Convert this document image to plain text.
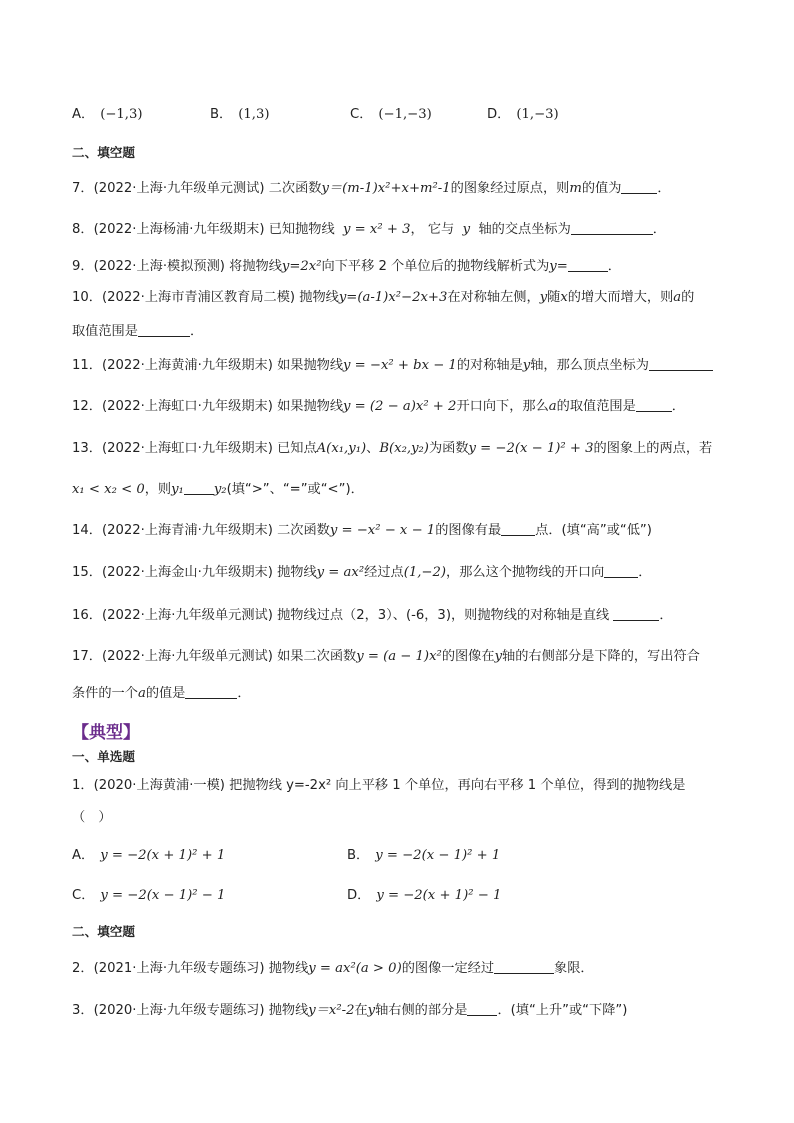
A． (−1,3)	B． (1,3)	C． (−1,−3)	D． (1,−3)
二、填空题
7．(2022·上海·九年级单元测试) 二次函数y＝(m-1)x²+x+m²-1的图象经过原点，则m的值为	．
8．(2022·上海杨浦·九年级期末) 已知抛物线 y = x² + 3， 它与 y 轴的交点坐标为	．
9．(2022·上海·模拟预测) 将抛物线y=2x²向下平移 2 个单位后的抛物线解析式为y=	．
10．(2022·上海市青浦区教育局二模) 抛物线y=(a-1)x²−2x+3在对称轴左侧，y随x的增大而增大，则a的
取值范围是	．
11．(2022·上海黄浦·九年级期末) 如果抛物线y = −x² + bx − 1的对称轴是y轴，那么顶点坐标为
12．(2022·上海虹口·九年级期末) 如果抛物线y = (2 − a)x² + 2开口向下，那么a的取值范围是	．
13．(2022·上海虹口·九年级期末) 已知点A(x₁,y₁)、B(x₂,y₂)为函数y = −2(x − 1)² + 3的图象上的两点，若
x₁ < x₂ < 0，则y₁ y₂(填“>”、“=”或“<”)．
14．(2022·上海青浦·九年级期末) 二次函数y = −x² − x − 1的图像有最	点．(填“高”或“低”)
15．(2022·上海金山·九年级期末) 抛物线y = ax²经过点(1,−2)，那么这个抛物线的开口向	．
16．(2022·上海·九年级单元测试) 抛物线过点（2，3）、(-6，3)，则抛物线的对称轴是直线	．
17．(2022·上海·九年级单元测试) 如果二次函数y = (a − 1)x²的图像在y轴的右侧部分是下降的，写出符合
条件的一个a的值是	．
【典型】
一、单选题
1．(2020·上海黄浦·一模) 把抛物线 y=-2x² 向上平移 1 个单位，再向右平移 1 个单位，得到的抛物线是
（　）
A． y = −2(x + 1)² + 1	B． y = −2(x − 1)² + 1
C． y = −2(x − 1)² − 1	D． y = −2(x + 1)² − 1
二、填空题
2．(2021·上海·九年级专题练习) 抛物线y = ax²(a > 0)的图像一定经过	象限．
3．(2020·上海·九年级专题练习) 抛物线y＝x²-2在y轴右侧的部分是 ．(填“上升”或“下降”)
